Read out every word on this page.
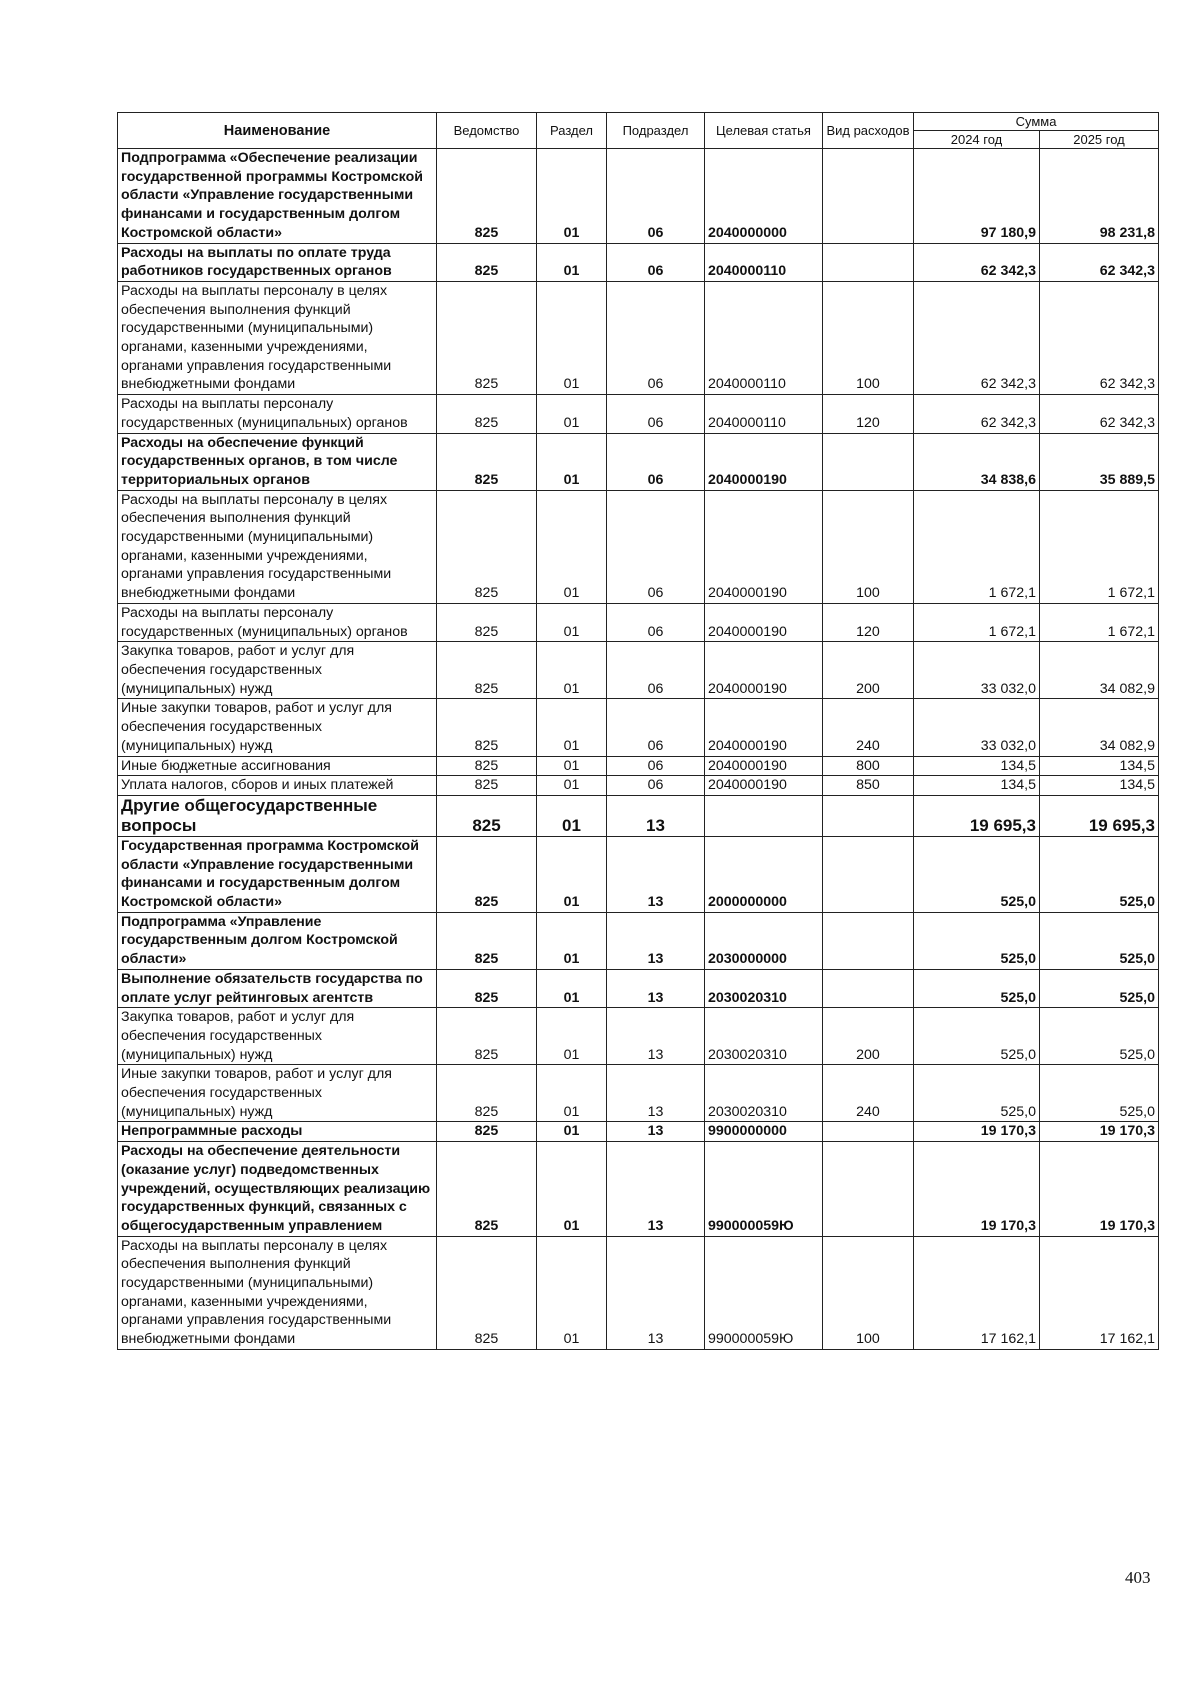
Наименование	Ведомство	Раздел	Подраздел	Целевая статья	Вид расходов	Сумма	
						2024 год	2025 год
Подпрограмма «Обеспечение реализации государственной программы Костромской области «Управление государственными финансами и государственным долгом Костромской области»	825	01	06	2040000000		97 180,9	98 231,8
Расходы на выплаты по оплате труда работников государственных органов	825	01	06	2040000110		62 342,3	62 342,3
Расходы на выплаты персоналу в целях обеспечения выполнения функций государственными (муниципальными) органами, казенными учреждениями, органами управления государственными внебюджетными фондами	825	01	06	2040000110	100	62 342,3	62 342,3
Расходы на выплаты персоналу государственных (муниципальных) органов	825	01	06	2040000110	120	62 342,3	62 342,3
Расходы на обеспечение функций государственных органов, в том числе территориальных органов	825	01	06	2040000190		34 838,6	35 889,5
Расходы на выплаты персоналу в целях обеспечения выполнения функций государственными (муниципальными) органами, казенными учреждениями, органами управления государственными внебюджетными фондами	825	01	06	2040000190	100	1 672,1	1 672,1
Расходы на выплаты персоналу государственных (муниципальных) органов	825	01	06	2040000190	120	1 672,1	1 672,1
Закупка товаров, работ и услуг для обеспечения государственных (муниципальных) нужд	825	01	06	2040000190	200	33 032,0	34 082,9
Иные закупки товаров, работ и услуг для обеспечения государственных (муниципальных) нужд	825	01	06	2040000190	240	33 032,0	34 082,9
Иные бюджетные ассигнования	825	01	06	2040000190	800	134,5	134,5
Уплата налогов, сборов и иных платежей	825	01	06	2040000190	850	134,5	134,5
Другие общегосударственные вопросы	825	01	13			19 695,3	19 695,3
Государственная программа Костромской области «Управление государственными финансами и государственным долгом Костромской области»	825	01	13	2000000000		525,0	525,0
Подпрограмма «Управление государственным долгом Костромской области»	825	01	13	2030000000		525,0	525,0
Выполнение обязательств государства по оплате услуг рейтинговых агентств	825	01	13	2030020310		525,0	525,0
Закупка товаров, работ и услуг для обеспечения государственных (муниципальных) нужд	825	01	13	2030020310	200	525,0	525,0
Иные закупки товаров, работ и услуг для обеспечения государственных (муниципальных) нужд	825	01	13	2030020310	240	525,0	525,0
Непрограммные расходы	825	01	13	9900000000		19 170,3	19 170,3
Расходы на обеспечение деятельности (оказание услуг) подведомственных учреждений, осуществляющих реализацию государственных функций, связанных с общегосударственным управлением	825	01	13	990000059Ю		19 170,3	19 170,3
Расходы на выплаты персоналу в целях обеспечения выполнения функций государственными (муниципальными) органами, казенными учреждениями, органами управления государственными внебюджетными фондами	825	01	13	990000059Ю	100	17 162,1	17 162,1
403
